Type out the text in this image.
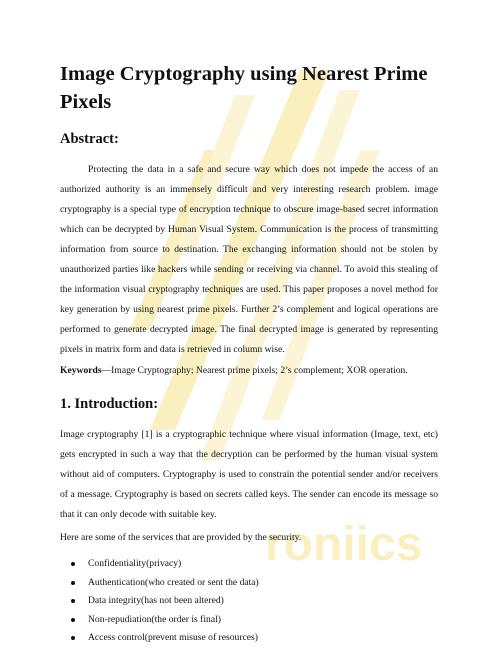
roniics
Image Cryptography using Nearest Prime Pixels
Abstract:

Protecting the data in a safe and secure way which does not impede the access of an authorized authority is an immensely difficult and very interesting research problem. image cryptography is a special type of encryption technique to obscure image-based secret information which can be decrypted by Human Visual System. Communication is the process of transmitting information from source to destination. The exchanging information should not be stolen by unauthorized parties like hackers while sending or receiving via channel. To avoid this stealing of the information visual cryptography techniques are used. This paper proposes a novel method for key generation by using nearest prime pixels. Further 2’s complement and logical operations are performed to generate decrypted image. The final decrypted image is generated by representing pixels in matrix form and data is retrieved in column wise.

Keywords—Image Cryptography; Nearest prime pixels; 2’s complement; XOR operation.

1. Introduction:

Image cryptography [1] is a cryptographic technique where visual information (Image, text, etc) gets encrypted in such a way that the decryption can be performed by the human visual system without aid of computers. Cryptography is used to constrain the potential sender and/or receivers of a message. Cryptography is based on secrets called keys. The sender can encode its message so that it can only decode with suitable key.

Here are some of the services that are provided by the security.

Confidentiality(privacy)
Authentication(who created or sent the data)
Data integrity(has not been altered)
Non-repudiation(the order is final)
Access control(prevent misuse of resources)
